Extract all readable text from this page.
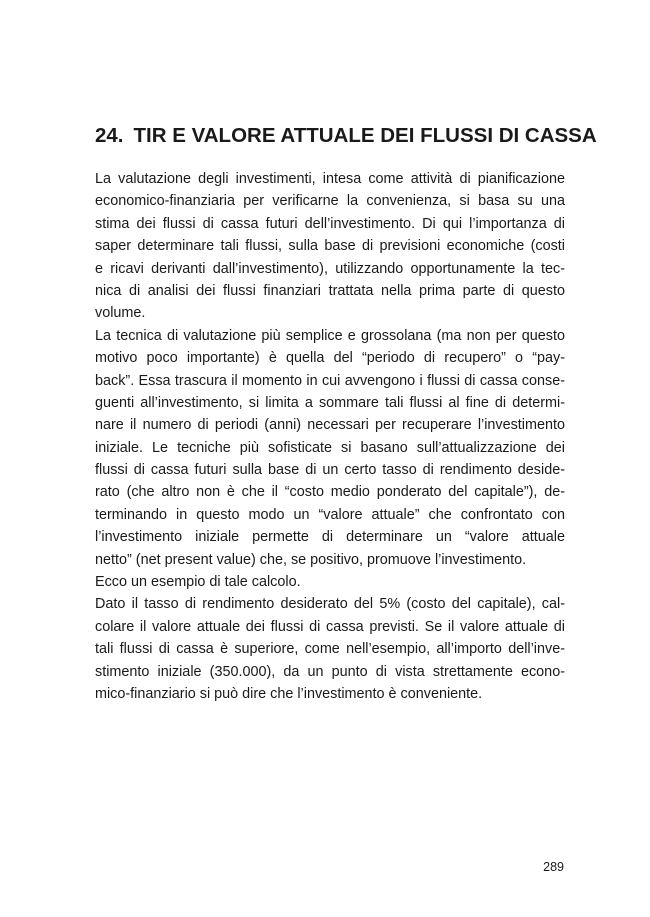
24. TIR E VALORE ATTUALE DEI FLUSSI DI CASSA
La valutazione degli investimenti, intesa come attività di pianificazione
economico-finanziaria per verificarne la convenienza, si basa su una
stima dei flussi di cassa futuri dell’investimento. Di qui l’importanza di
saper determinare tali flussi, sulla base di previsioni economiche (costi
e ricavi derivanti dall’investimento), utilizzando opportunamente la tec-
nica di analisi dei flussi finanziari trattata nella prima parte di questo
volume.
La tecnica di valutazione più semplice e grossolana (ma non per questo
motivo poco importante) è quella del “periodo di recupero” o “pay-
back”. Essa trascura il momento in cui avvengono i flussi di cassa conse-
guenti all’investimento, si limita a sommare tali flussi al fine di determi-
nare il numero di periodi (anni) necessari per recuperare l’investimento
iniziale. Le tecniche più sofisticate si basano sull’attualizzazione dei
flussi di cassa futuri sulla base di un certo tasso di rendimento deside-
rato (che altro non è che il “costo medio ponderato del capitale”), de-
terminando in questo modo un “valore attuale” che confrontato con
l’investimento iniziale permette di determinare un “valore attuale
netto” (net present value) che, se positivo, promuove l’investimento.
Ecco un esempio di tale calcolo.
Dato il tasso di rendimento desiderato del 5% (costo del capitale), cal-
colare il valore attuale dei flussi di cassa previsti. Se il valore attuale di
tali flussi di cassa è superiore, come nell’esempio, all’importo dell’inve-
stimento iniziale (350.000), da un punto di vista strettamente econo-
mico-finanziario si può dire che l’investimento è conveniente.
289
